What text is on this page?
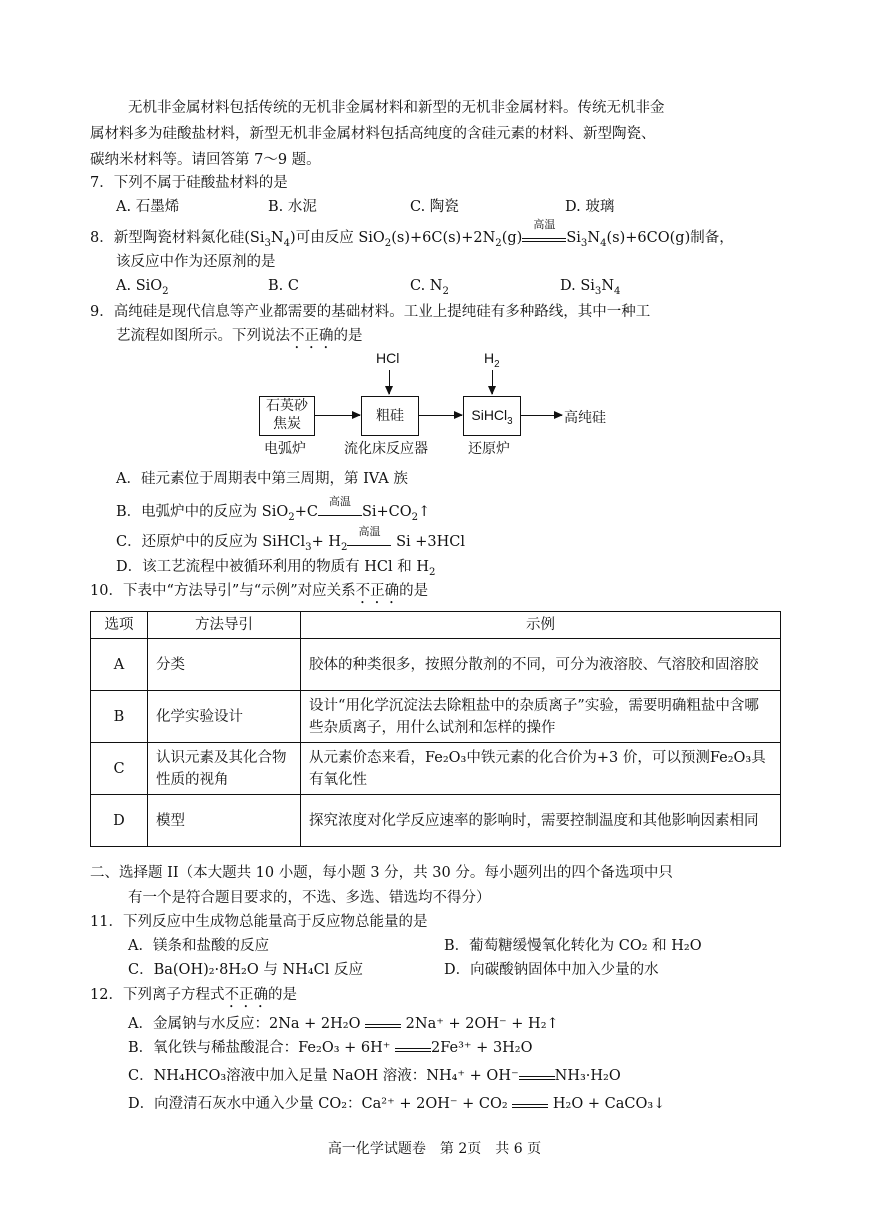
无机非金属材料包括传统的无机非金属材料和新型的无机非金属材料。传统无机非金
属材料多为硅酸盐材料，新型无机非金属材料包括高纯度的含硅元素的材料、新型陶瓷、
碳纳米材料等。请回答第 7～9 题。
7．下列不属于硅酸盐材料的是
A. 石墨烯	B. 水泥	C. 陶瓷	D. 玻璃
8．新型陶瓷材料氮化硅$(Si_3N_4)$可由反应 $SiO_2(s)+6C(s)+2N_2(g)$
高温
$Si_3N_4(s)+6CO(g)$制备，
该反应中作为还原剂的是
A. SiO$_2$	B. C	C. $N_2$	D. $Si_3N_4$
9．高纯硅是现代信息等产业都需要的基础材料。工业上提纯硅有多种路线，其中一种工
艺流程如图所示。下列说法不正确的是
HCl	$H_2$
石英砂
焦炭	粗硅	SiHCl$_3$	高纯硅
电弧炉	流化床反应器	还原炉
A．硅元素位于周期表中第三周期，第 IVA 族
B．电弧炉中的反应为 SiO$_2$+C
高温
$Si+CO_2↑$
C．还原炉中的反应为 SiHCl$_3$+ $H_2$
高温
Si +3HCl
D．该工艺流程中被循环利用的物质有 HCl 和 $H_2$
10．下表中“方法导引”与“示例”对应关系不正确的是
选项	方法导引	示例
A	分类	胶体的种类很多，按照分散剂的不同，可分为液溶胶、气溶胶和固溶胶
B	化学实验设计	设计“用化学沉淀法去除粗盐中的杂质离子”实验，需要明确粗盐中含哪些杂质离子，用什么试剂和怎样的操作
C	认识元素及其化合物性质的视角	从元素价态来看，Fe₂O₃中铁元素的化合价为+3 价，可以预测Fe₂O₃具有氧化性
D	模型	探究浓度对化学反应速率的影响时，需要控制温度和其他影响因素相同
二、选择题 II（本大题共 10 小题，每小题 3 分，共 30 分。每小题列出的四个备选项中只
有一个是符合题目要求的，不选、多选、错选均不得分）
11．下列反应中生成物总能量高于反应物总能量的是
A．镁条和盐酸的反应	B．葡萄糖缓慢氧化转化为 CO₂ 和 H₂O
C．Ba(OH)₂·8H₂O 与 NH₄Cl 反应	D．向碳酸钠固体中加入少量的水
12．下列离子方程式不正确的是
A．金属钠与水反应：2Na + 2H₂O
2Na⁺ + 2OH⁻ + H₂↑
B．氧化铁与稀盐酸混合：Fe₂O₃ + 6H⁺
2Fe³⁺ + 3H₂O
C．NH₄HCO₃溶液中加入足量 NaOH 溶液：NH₄⁺ + OH⁻ NH₃·H₂O
D．向澄清石灰水中通入少量 CO₂：Ca²⁺ + 2OH⁻ + CO₂
H₂O + CaCO₃↓
高一化学试题卷　第 2页　共 6 页
